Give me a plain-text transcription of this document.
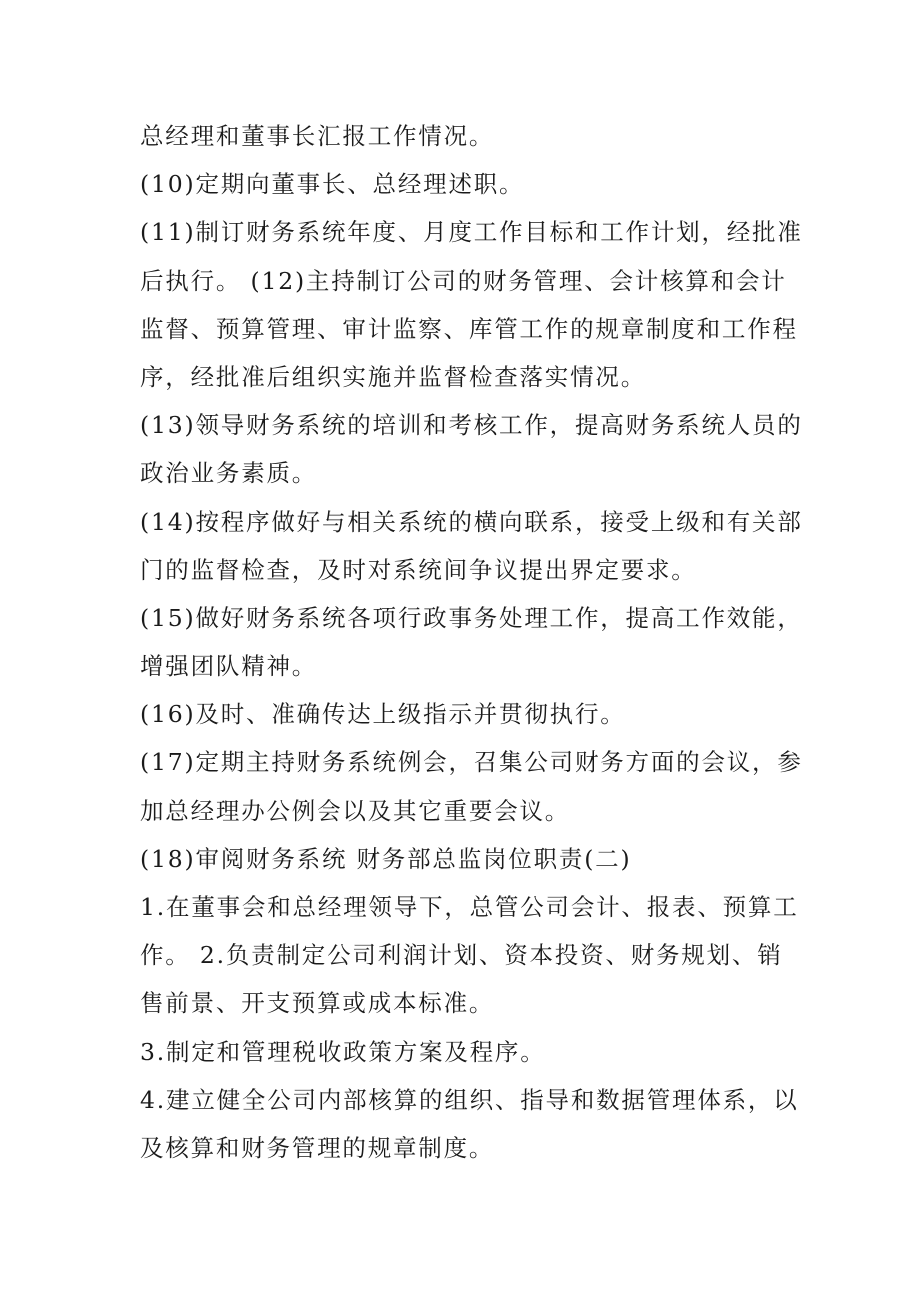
总经理和董事长汇报工作情况。
(10)定期向董事长、总经理述职。
(11)制订财务系统年度、月度工作目标和工作计划，经批准
后执行。 (12)主持制订公司的财务管理、会计核算和会计
监督、预算管理、审计监察、库管工作的规章制度和工作程
序，经批准后组织实施并监督检查落实情况。
(13)领导财务系统的培训和考核工作，提高财务系统人员的
政治业务素质。
(14)按程序做好与相关系统的横向联系，接受上级和有关部
门的监督检查，及时对系统间争议提出界定要求。
(15)做好财务系统各项行政事务处理工作，提高工作效能，
增强团队精神。
(16)及时、准确传达上级指示并贯彻执行。
(17)定期主持财务系统例会，召集公司财务方面的会议，参
加总经理办公例会以及其它重要会议。
(18)审阅财务系统 财务部总监岗位职责(二)
1.在董事会和总经理领导下，总管公司会计、报表、预算工
作。 2.负责制定公司利润计划、资本投资、财务规划、销
售前景、开支预算或成本标准。
3.制定和管理税收政策方案及程序。
4.建立健全公司内部核算的组织、指导和数据管理体系，以
及核算和财务管理的规章制度。
